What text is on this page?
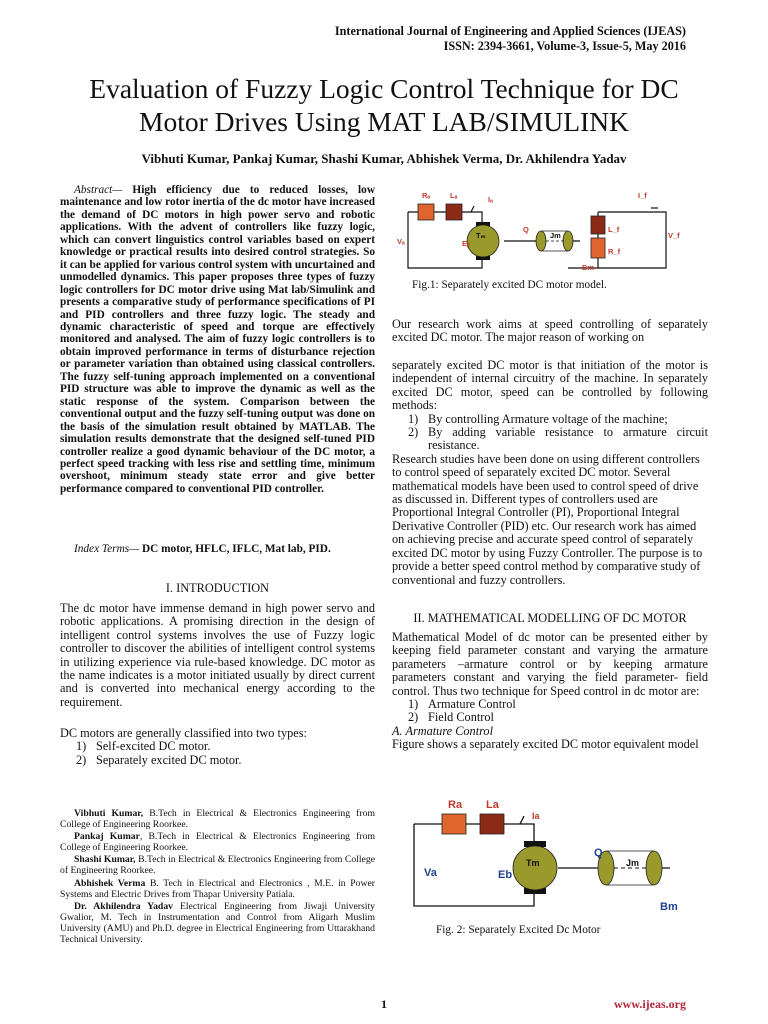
International Journal of Engineering and Applied Sciences (IJEAS)
ISSN: 2394-3661, Volume-3, Issue-5, May 2016
Evaluation of Fuzzy Logic Control Technique for DC
Motor Drives Using MAT LAB/SIMULINK
Vibhuti Kumar, Pankaj Kumar, Shashi Kumar, Abhishek Verma, Dr. Akhilendra Yadav
Abstract— High efficiency due to reduced losses, low maintenance and low rotor inertia of the dc motor have increased the demand of DC motors in high power servo and robotic applications. With the advent of controllers like fuzzy logic, which can convert linguistics control variables based on expert knowledge or practical results into desired control strategies. So it can be applied for various control system with uncurtained and unmodelled dynamics. This paper proposes three types of fuzzy logic controllers for DC motor drive using Mat lab/Simulink and presents a comparative study of performance specifications of PI and PID controllers and three fuzzy logic. The steady and dynamic characteristic of speed and torque are effectively monitored and analysed. The aim of fuzzy logic controllers is to obtain improved performance in terms of disturbance rejection or parameter variation than obtained using classical controllers. The fuzzy self-tuning approach implemented on a conventional PID structure was able to improve the dynamic as well as the static response of the system. Comparison between the conventional output and the fuzzy self-tuning output was done on the basis of the simulation result obtained by MATLAB. The simulation results demonstrate that the designed self-tuned PID controller realize a good dynamic behaviour of the DC motor, a perfect speed tracking with less rise and settling time, minimum overshoot, minimum steady state error and give better performance compared to conventional PID controller.
Index Terms— DC motor, HFLC, IFLC, Mat lab, PID.
I. INTRODUCTION
The dc motor have immense demand in high power servo and robotic applications. A promising direction in the design of intelligent control systems involves the use of Fuzzy logic controller to discover the abilities of intelligent control systems in utilizing experience via rule-based knowledge. DC motor as the name indicates is a motor initiated usually by direct current and is converted into mechanical energy according to the requirement.
DC motors are generally classified into two types:
1) Self-excited DC motor.
2) Separately excited DC motor.

Vibhuti Kumar, B.Tech in Electrical & Electronics Engineering from College of Engineering Roorkee.

Pankaj Kumar, B.Tech in Electrical & Electronics Engineering from College of Engineering Roorkee.

Shashi Kumar, B.Tech in Electrical & Electronics Engineering from College of Engineering Roorkee.

Abhishek Verma B. Tech in Electrical and Electronics , M.E. in Power Systems and Electric Drives from Thapar University Patiala.

Dr. Akhilendra Yadav Electrical Engineering from Jiwaji University Gwalior, M. Tech in Instrumentation and Control from Aligarh Muslim University (AMU) and Ph.D. degree in Electrical Engineering from Uttarakhand Technical University.

Rₐ	Lₐ	Iₐ
Vₐ	Eᵦ
Tₘ
Q
Jm
Bm
I_f
L_f
R_f
V_f
Fig.1: Separately excited DC motor model.
Our research work aims at speed controlling of separately excited DC motor. The major reason of working on
separately excited DC motor is that initiation of the motor is independent of internal circuitry of the machine. In separately excited DC motor, speed can be controlled by following methods:
1) By controlling Armature voltage of the machine;
2) By adding variable resistance to armature circuit resistance.
Research studies have been done on using different controllers to control speed of separately excited DC motor. Several mathematical models have been used to control speed of drive as discussed in. Different types of controllers used are Proportional Integral Controller (PI), Proportional Integral Derivative Controller (PID) etc. Our research work has aimed on achieving precise and accurate speed control of separately excited DC motor by using Fuzzy Controller. The purpose is to provide a better speed control method by comparative study of conventional and fuzzy controllers.
II. MATHEMATICAL MODELLING OF DC MOTOR
Mathematical Model of dc motor can be presented either by keeping field parameter constant and varying the armature parameters –armature control or by keeping armature parameters constant and varying the field parameter- field control. Thus two technique for Speed control in dc motor are:
1) Armature Control
2) Field Control
A. Armature Control
Figure shows a separately excited DC motor equivalent model
Ra La
Ia
Va	Eb
Tm
Q
Jm
Bm
Fig. 2: Separately Excited Dc Motor
1	www.ijeas.org
